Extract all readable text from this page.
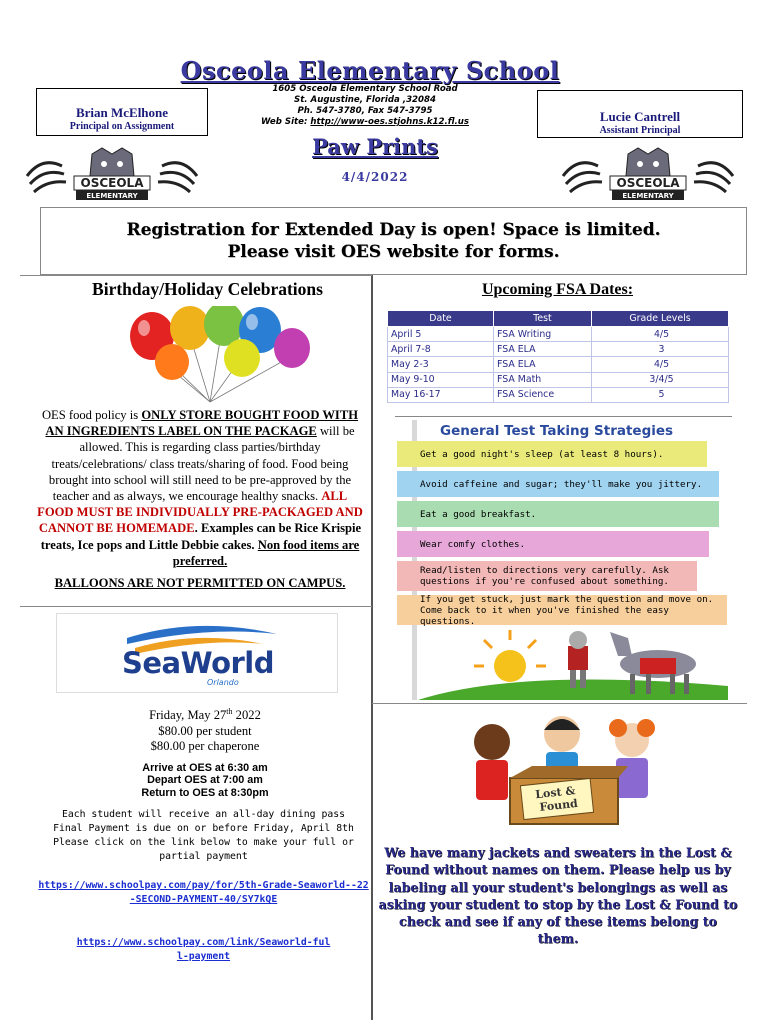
Osceola Elementary School
Brian McElhone
Principal on Assignment
1605 Osceola Elementary School Road
St. Augustine, Florida ,32084
Ph. 547-3780, Fax 547-3795
Web Site: http://www-oes.stjohns.k12.fl.us	Lucie Cantrell
Assistant Principal
Paw Prints
4/4/2022
OSCEOLA
ELEMENTARY
OSCEOLA
ELEMENTARY
Registration for Extended Day is open! Space is limited.
Please visit OES website for forms.
Birthday/Holiday Celebrations
OES food policy is ONLY STORE BOUGHT FOOD WITH AN INGREDIENTS LABEL ON THE PACKAGE will be allowed. This is regarding class parties/birthday treats/celebrations/ class treats/sharing of food. Food being brought into school will still need to be pre-approved by the teacher and as always, we encourage healthy snacks. ALL FOOD MUST BE INDIVIDUALLY PRE-PACKAGED AND CANNOT BE HOMEMADE. Examples can be Rice Krispie treats, Ice pops and Little Debbie cakes. Non food items are preferred.
BALLOONS ARE NOT PERMITTED ON CAMPUS.
Upcoming FSA Dates:
Date	Test	Grade Levels
April 5	FSA Writing	4/5
April 7-8	FSA ELA	3
May 2-3	FSA ELA	4/5
May 9-10	FSA Math	3/4/5
May 16-17	FSA Science	5
General Test Taking Strategies
Get a good night's sleep (at least 8 hours).
Avoid caffeine and sugar; they'll make you jittery.
Eat a good breakfast.
Wear comfy clothes.
Read/listen to directions very carefully. Ask questions if you're confused about something.
If you get stuck, just mark the question and move on. Come back to it when you've finished the easy questions.
SeaWorld
Orlando
Friday, May 27th 2022
$80.00 per student
$80.00 per chaperone
Arrive at OES at 6:30 am
Depart OES at 7:00 am
Return to OES at 8:30pm
Each student will receive an all-day dining pass
Final Payment is due on or before Friday, April 8th
Please click on the link below to make your full or partial payment
https://www.schoolpay.com/pay/for/5th-Grade-Seaworld--22-SECOND-PAYMENT-40/SY7kQE
https://www.schoolpay.com/link/Seaworld-full-payment
Lost &
Found
We have many jackets and sweaters in the Lost & Found without names on them. Please help us by labeling all your student's belongings as well as asking your student to stop by the Lost & Found to check and see if any of these items belong to them.
